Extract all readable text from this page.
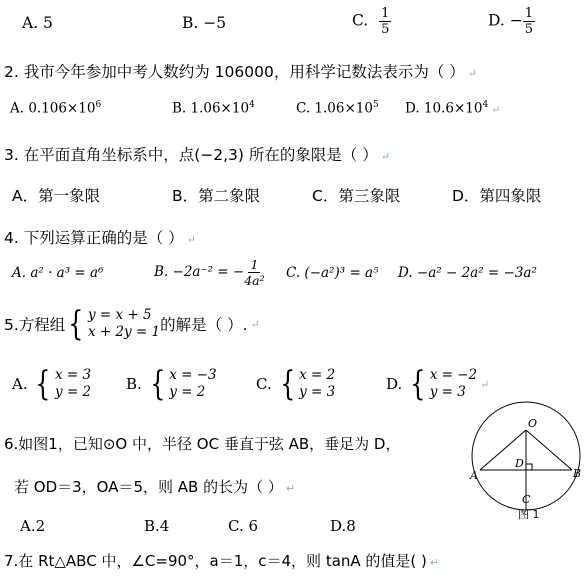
A. 5	B. −5	C. $\frac{1}{5}$	D. − $\frac{1}{5}$
2. 我市今年参加中考人数约为 106000，用科学记数法表示为（ ） ↵
A. $0.106\times 10^6$	B. $1.06\times 10^4$	C. $1.06\times 10^5$ D. $10.6\times 10^4$ ↵
3. 在平面直角坐标系中，点(−2,3) 所在的象限是（ ） ↵
A．第一象限	B．第二象限	C．第三象限	D．第四象限
4. 下列运算正确的是（ ） ↵
A. a² · a³ = a⁶	B. −2a⁻² = − $\frac{1}{\text{4a²}} C$. (−a²)³ = a⁵ D. −a² − 2a² = −3a²
5.方程组 { y = x + 5
x + 2y = 1 的解是（ ）. ↵
A. { x = 3
y = 2 B. { x = −3
y = 2	C. { x = 2
y = 3	D. { x = −2
y = 3	↵
6.如图1，已知⊙O 中，半径 OC 垂直于弦 AB，垂足为 D，
若 OD＝3，OA＝5，则 AB 的长为（ ） ↵
A.2	B.4	C. 6	D.8
O
A	B
D
C
图 1
7.在 Rt△ABC 中，∠C=90°，a＝1，c＝4，则 tanA 的值是( ) ↵
